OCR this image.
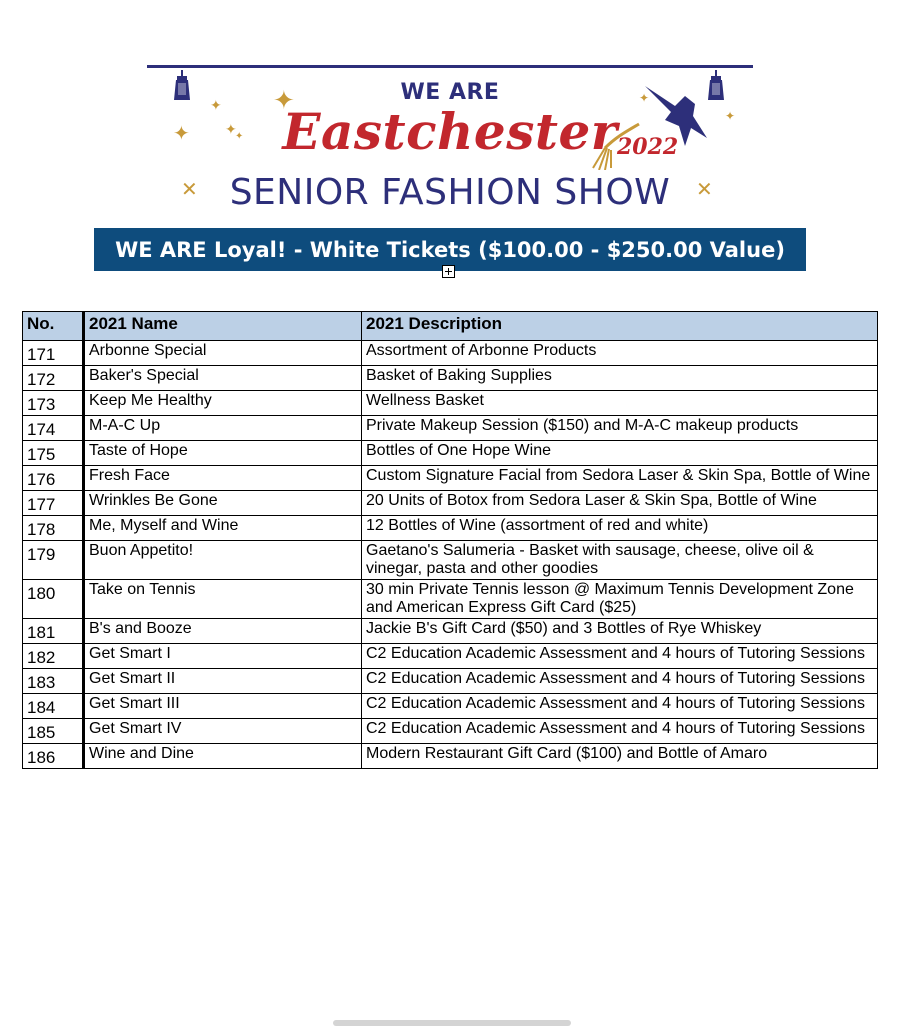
✦ ✦
✦	✦
✦
✦
✦
✕	✕
WE ARE
Eastchester 2022
SENIOR FASHION SHOW
WE ARE Loyal! - White Tickets ($100.00 - $250.00 Value)
No.	2021 Name	2021 Description
171	Arbonne Special	Assortment of Arbonne Products
172	Baker's Special	Basket of Baking Supplies
173	Keep Me Healthy	Wellness Basket
174	M-A-C Up	Private Makeup Session ($150) and M-A-C makeup products
175	Taste of Hope	Bottles of One Hope Wine
176	Fresh Face	Custom Signature Facial from Sedora Laser & Skin Spa, Bottle of Wine
177	Wrinkles Be Gone	20 Units of Botox from Sedora Laser & Skin Spa, Bottle of Wine
178	Me, Myself and Wine	12 Bottles of Wine (assortment of red and white)
179	Buon Appetito!	Gaetano's Salumeria - Basket with sausage, cheese, olive oil & vinegar, pasta and other goodies
180	Take on Tennis	30 min Private Tennis lesson @ Maximum Tennis Development Zone and American Express Gift Card ($25)
181	B's and Booze	Jackie B's Gift Card ($50) and 3 Bottles of Rye Whiskey
182	Get Smart I	C2 Education Academic Assessment and 4 hours of Tutoring Sessions
183	Get Smart II	C2 Education Academic Assessment and 4 hours of Tutoring Sessions
184	Get Smart III	C2 Education Academic Assessment and 4 hours of Tutoring Sessions
185	Get Smart IV	C2 Education Academic Assessment and 4 hours of Tutoring Sessions
186	Wine and Dine	Modern Restaurant Gift Card ($100) and Bottle of Amaro
